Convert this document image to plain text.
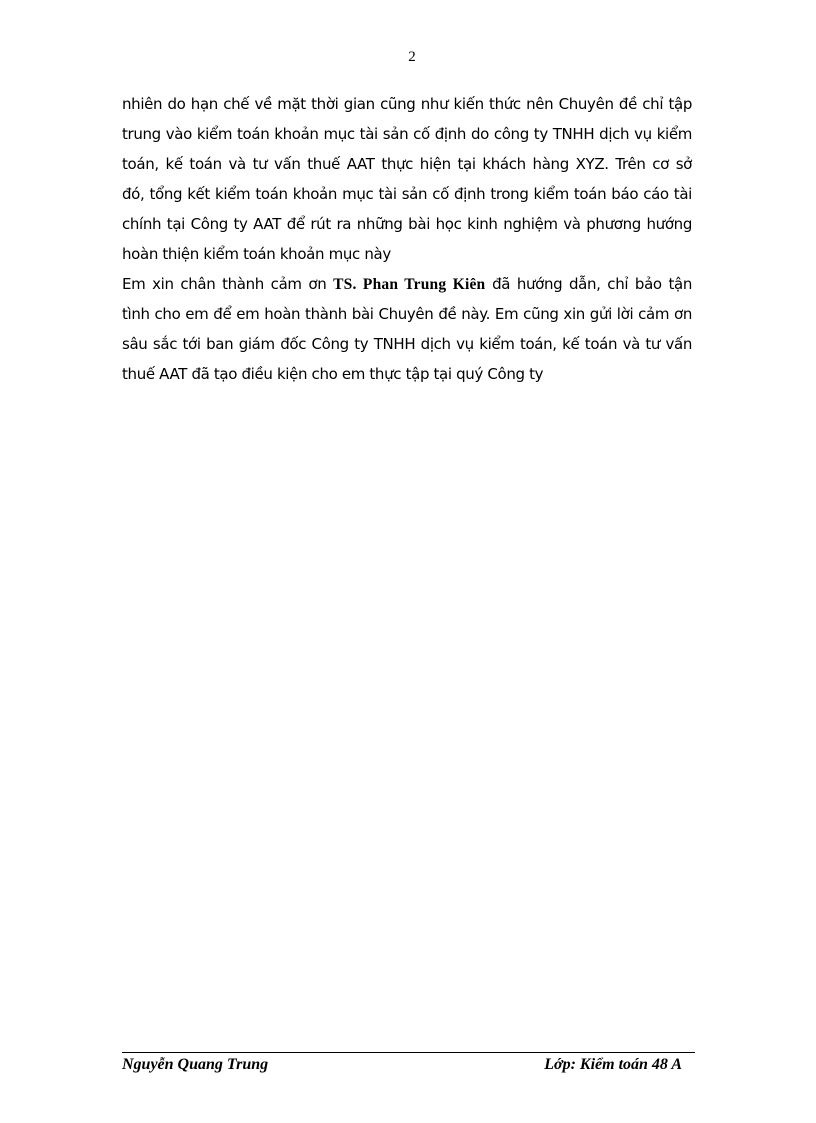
2
nhiên do hạn chế về mặt thời gian cũng như kiến thức nên Chuyên đề chỉ tập
trung vào kiểm toán khoản mục tài sản cố định do công ty TNHH dịch vụ kiểm
toán, kế toán và tư vấn thuế AAT thực hiện tại khách hàng XYZ. Trên cơ sở
đó, tổng kết kiểm toán khoản mục tài sản cố định trong kiểm toán báo cáo tài
chính tại Công ty AAT để rút ra những bài học kinh nghiệm và phương hướng
hoàn thiện kiểm toán khoản mục này
Em xin chân thành cảm ơn TS. Phan Trung Kiên đã hướng dẫn, chỉ bảo tận
tình cho em để em hoàn thành bài Chuyên đề này. Em cũng xin gửi lời cảm ơn
sâu sắc tới ban giám đốc Công ty TNHH dịch vụ kiểm toán, kế toán và tư vấn
thuế AAT đã tạo điều kiện cho em thực tập tại quý Công ty
Nguyễn Quang Trung	Lớp: Kiểm toán 48 A
